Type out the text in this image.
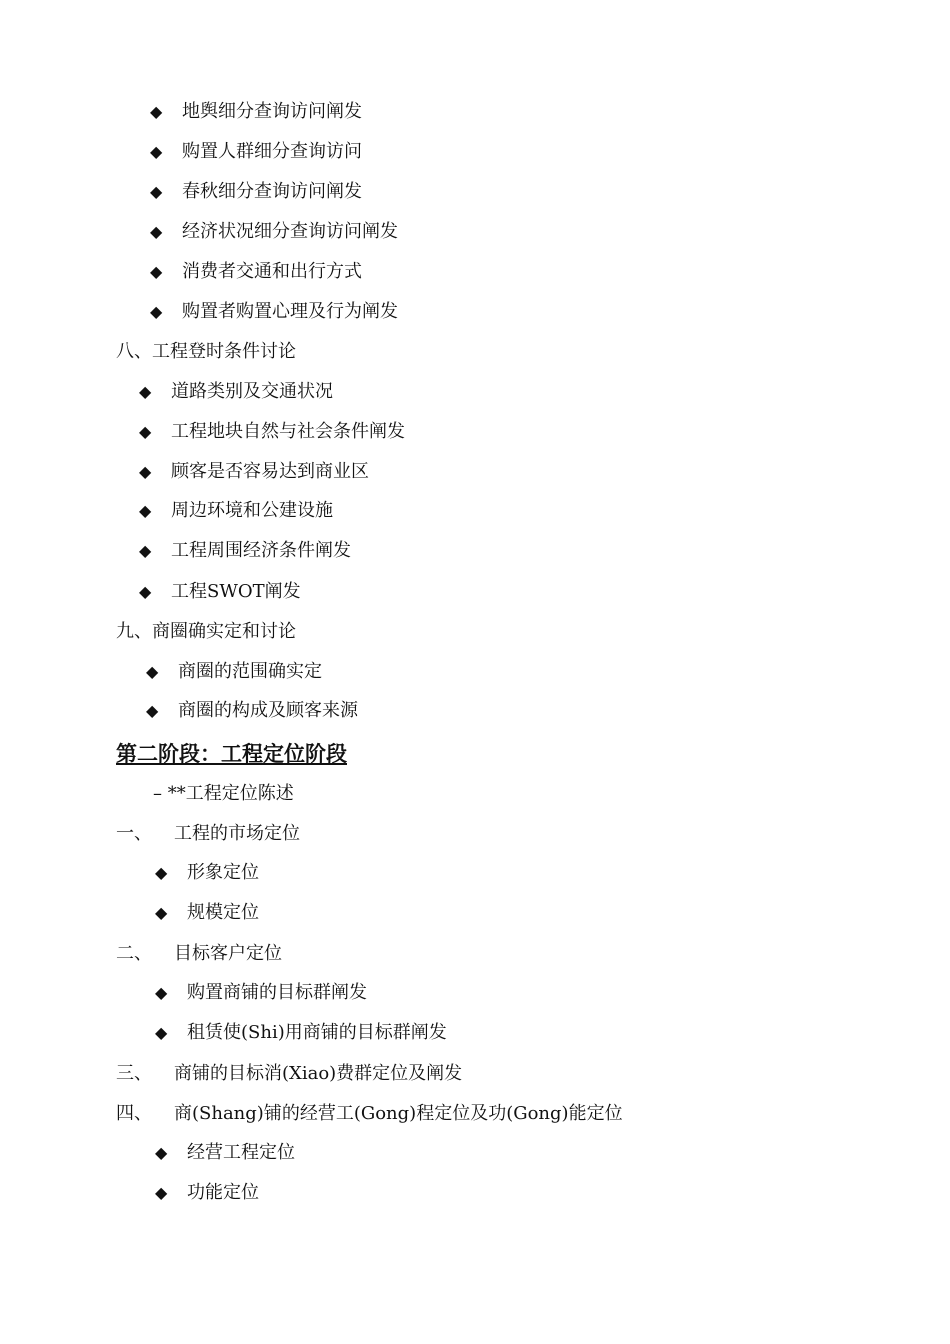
◆ 地舆细分查询访问阐发
◆ 购置人群细分查询访问
◆ 春秋细分查询访问阐发
◆ 经济状况细分查询访问阐发
◆ 消费者交通和出行方式
◆ 购置者购置心理及行为阐发
八、工程登时条件讨论
◆ 道路类别及交通状况
◆ 工程地块自然与社会条件阐发
◆ 顾客是否容易达到商业区
◆ 周边环境和公建设施
◆ 工程周围经济条件阐发
◆ 工程SWOT阐发
九、商圈确实定和讨论
◆ 商圈的范围确实定
◆ 商圈的构成及顾客来源
第二阶段：工程定位阶段
– **工程定位陈述
一、 工程的市场定位
◆ 形象定位
◆ 规模定位
二、 目标客户定位
◆ 购置商铺的目标群阐发
◆ 租赁使(Shi)用商铺的目标群阐发
三、 商铺的目标消(Xiao)费群定位及阐发
四、 商(Shang)铺的经营工(Gong)程定位及功(Gong)能定位
◆ 经营工程定位
◆ 功能定位
